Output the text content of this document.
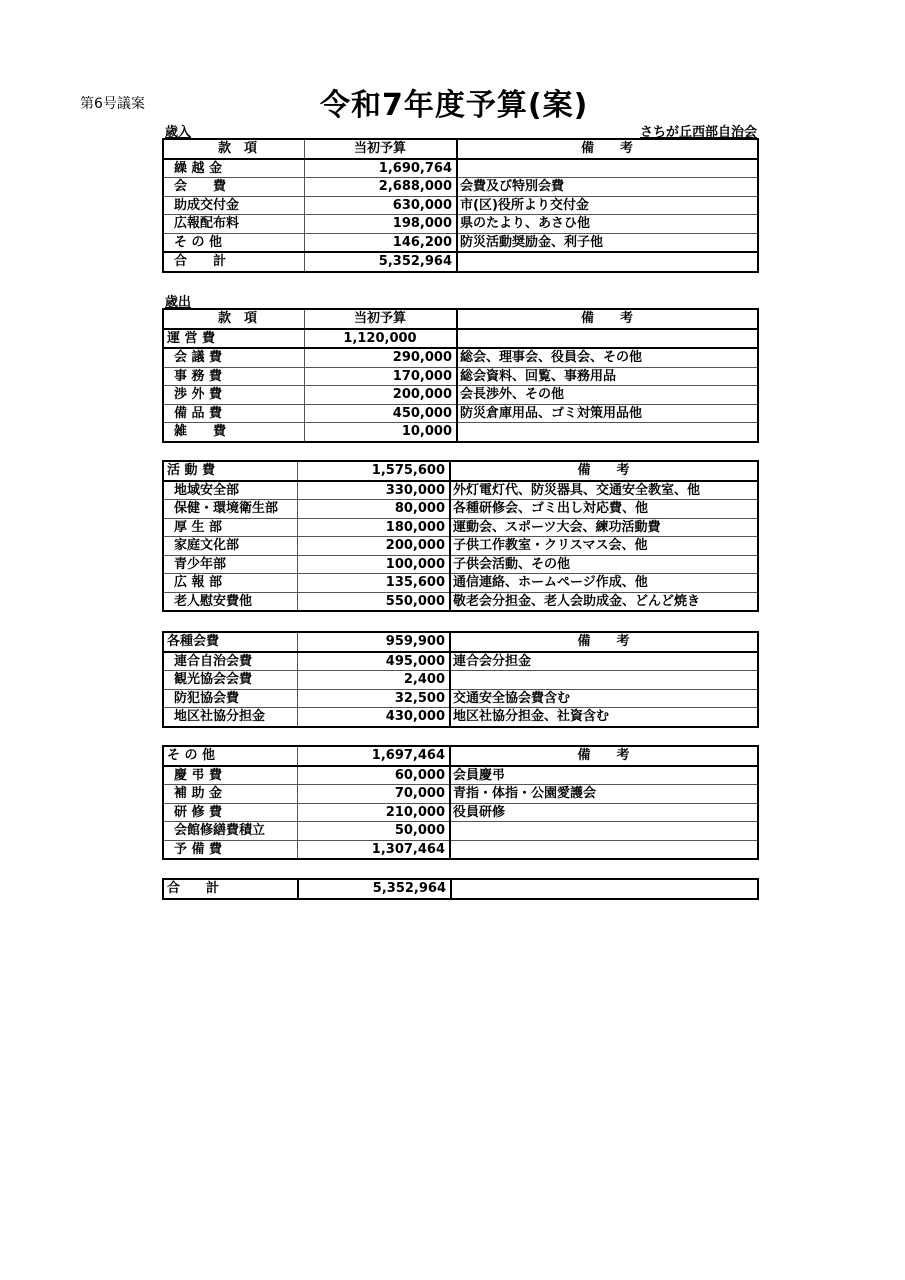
第6号議案	令和7年度予算(案)
歳入	さちが丘西部自治会
款　項	当初予算	備　　考
繰 越 金	1,690,764	
会　　費	2,688,000	会費及び特別会費
助成交付金	630,000	市(区)役所より交付金
広報配布料	198,000	県のたより、あさひ他
そ の 他	146,200	防災活動奨励金、利子他
合　　計	5,352,964	
歳出
款　項	当初予算	備　　考
運 営 費	1,120,000	
会 議 費	290,000	総会、理事会、役員会、その他
事 務 費	170,000	総会資料、回覧、事務用品
渉 外 費	200,000	会長渉外、その他
備 品 費	450,000	防災倉庫用品、ゴミ対策用品他
雑　　費	10,000	
活 動 費	1,575,600	備　　考
地域安全部	330,000	外灯電灯代、防災器具、交通安全教室、他
保健・環境衛生部	80,000	各種研修会、ゴミ出し対応費、他
厚 生 部	180,000	運動会、スポーツ大会、練功活動費
家庭文化部	200,000	子供工作教室・クリスマス会、他
青少年部	100,000	子供会活動、その他
広 報 部	135,600	通信連絡、ホームページ作成、他
老人慰安費他	550,000	敬老会分担金、老人会助成金、どんど焼き
各種会費	959,900	備　　考
連合自治会費	495,000	連合会分担金
観光協会会費	2,400	
防犯協会費	32,500	交通安全協会費含む
地区社協分担金	430,000	地区社協分担金、社資含む
そ の 他	1,697,464	備　　考
慶 弔 費	60,000	会員慶弔
補 助 金	70,000	青指・体指・公園愛護会
研 修 費	210,000	役員研修
会館修繕費積立	50,000	
予 備 費	1,307,464	
合　　計	5,352,964	
